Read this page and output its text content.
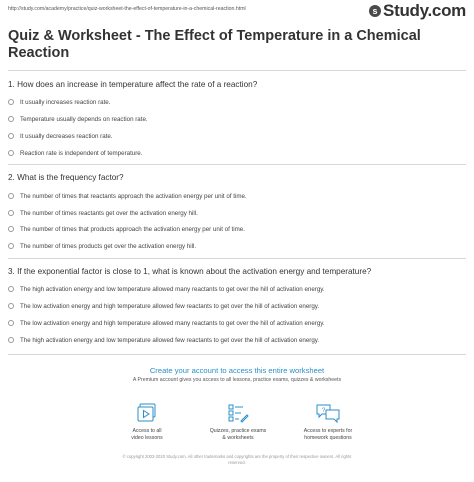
http://study.com/academy/practice/quiz-worksheet-the-effect-of-temperature-in-a-chemical-reaction.html	s Study.com
Quiz & Worksheet - The Effect of Temperature in a Chemical Reaction
1. How does an increase in temperature affect the rate of a reaction?
It usually increases reaction rate.
Temperature usually depends on reaction rate.
It usually decreases reaction rate.
Reaction rate is independent of temperature.
2. What is the frequency factor?
The number of times that reactants approach the activation energy per unit of time.
The number of times reactants get over the activation energy hill.
The number of times that products approach the activation energy per unit of time.
The number of times products get over the activation energy hill.
3. If the exponential factor is close to 1, what is known about the activation energy and temperature?
The high activation energy and low temperature allowed many reactants to get over the hill of activation energy.
The low activation energy and high temperature allowed few reactants to get over the hill of activation energy.
The low activation energy and high temperature allowed many reactants to get over the hill of activation energy.
The high activation energy and low temperature allowed few reactants to get over the hill of activation energy.
Create your account to access this entire worksheet
A Premium account gives you access to all lessons, practice exams, quizzes & worksheets
Access to all
video lessons
Quizzes, practice exams
& worksheets
?
Access to experts for
homework questions
© copyright 2003-2020 Study.com. All other trademarks and copyrights are the property of their respective owners. All rights
reserved.
